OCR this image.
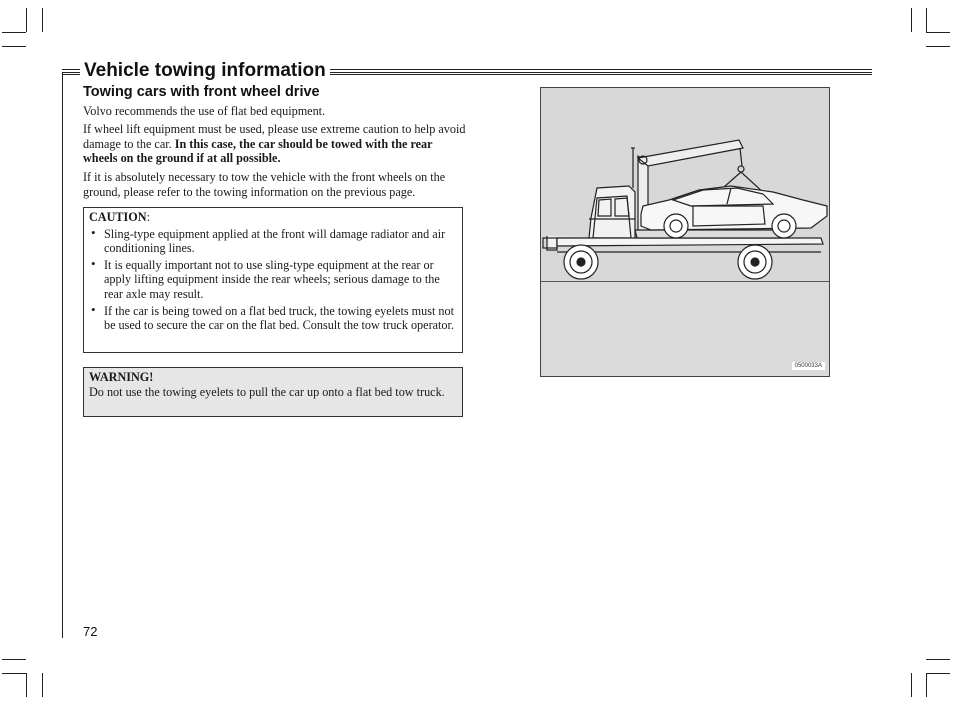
Vehicle towing information
Towing cars with front wheel drive
Volvo recommends the use of flat bed equipment.
If wheel lift equipment must be used, please use extreme caution to help avoid damage to the car. In this case, the car should be towed with the rear wheels on the ground if at all possible.
If it is absolutely necessary to tow the vehicle with the front wheels on the ground, please refer to the towing information on the previous page.
CAUTION:
• Sling-type equipment applied at the front will damage radiator and air conditioning lines.
• It is equally important not to use sling-type equipment at the rear or apply lifting equipment inside the rear wheels; serious damage to the rear axle may result.
• If the car is being towed on a flat bed truck, the towing eyelets must not be used to secure the car on the flat bed. Consult the tow truck operator.
WARNING!
Do not use the towing eyelets to pull the car up onto a flat bed tow truck.
0500033A
72
